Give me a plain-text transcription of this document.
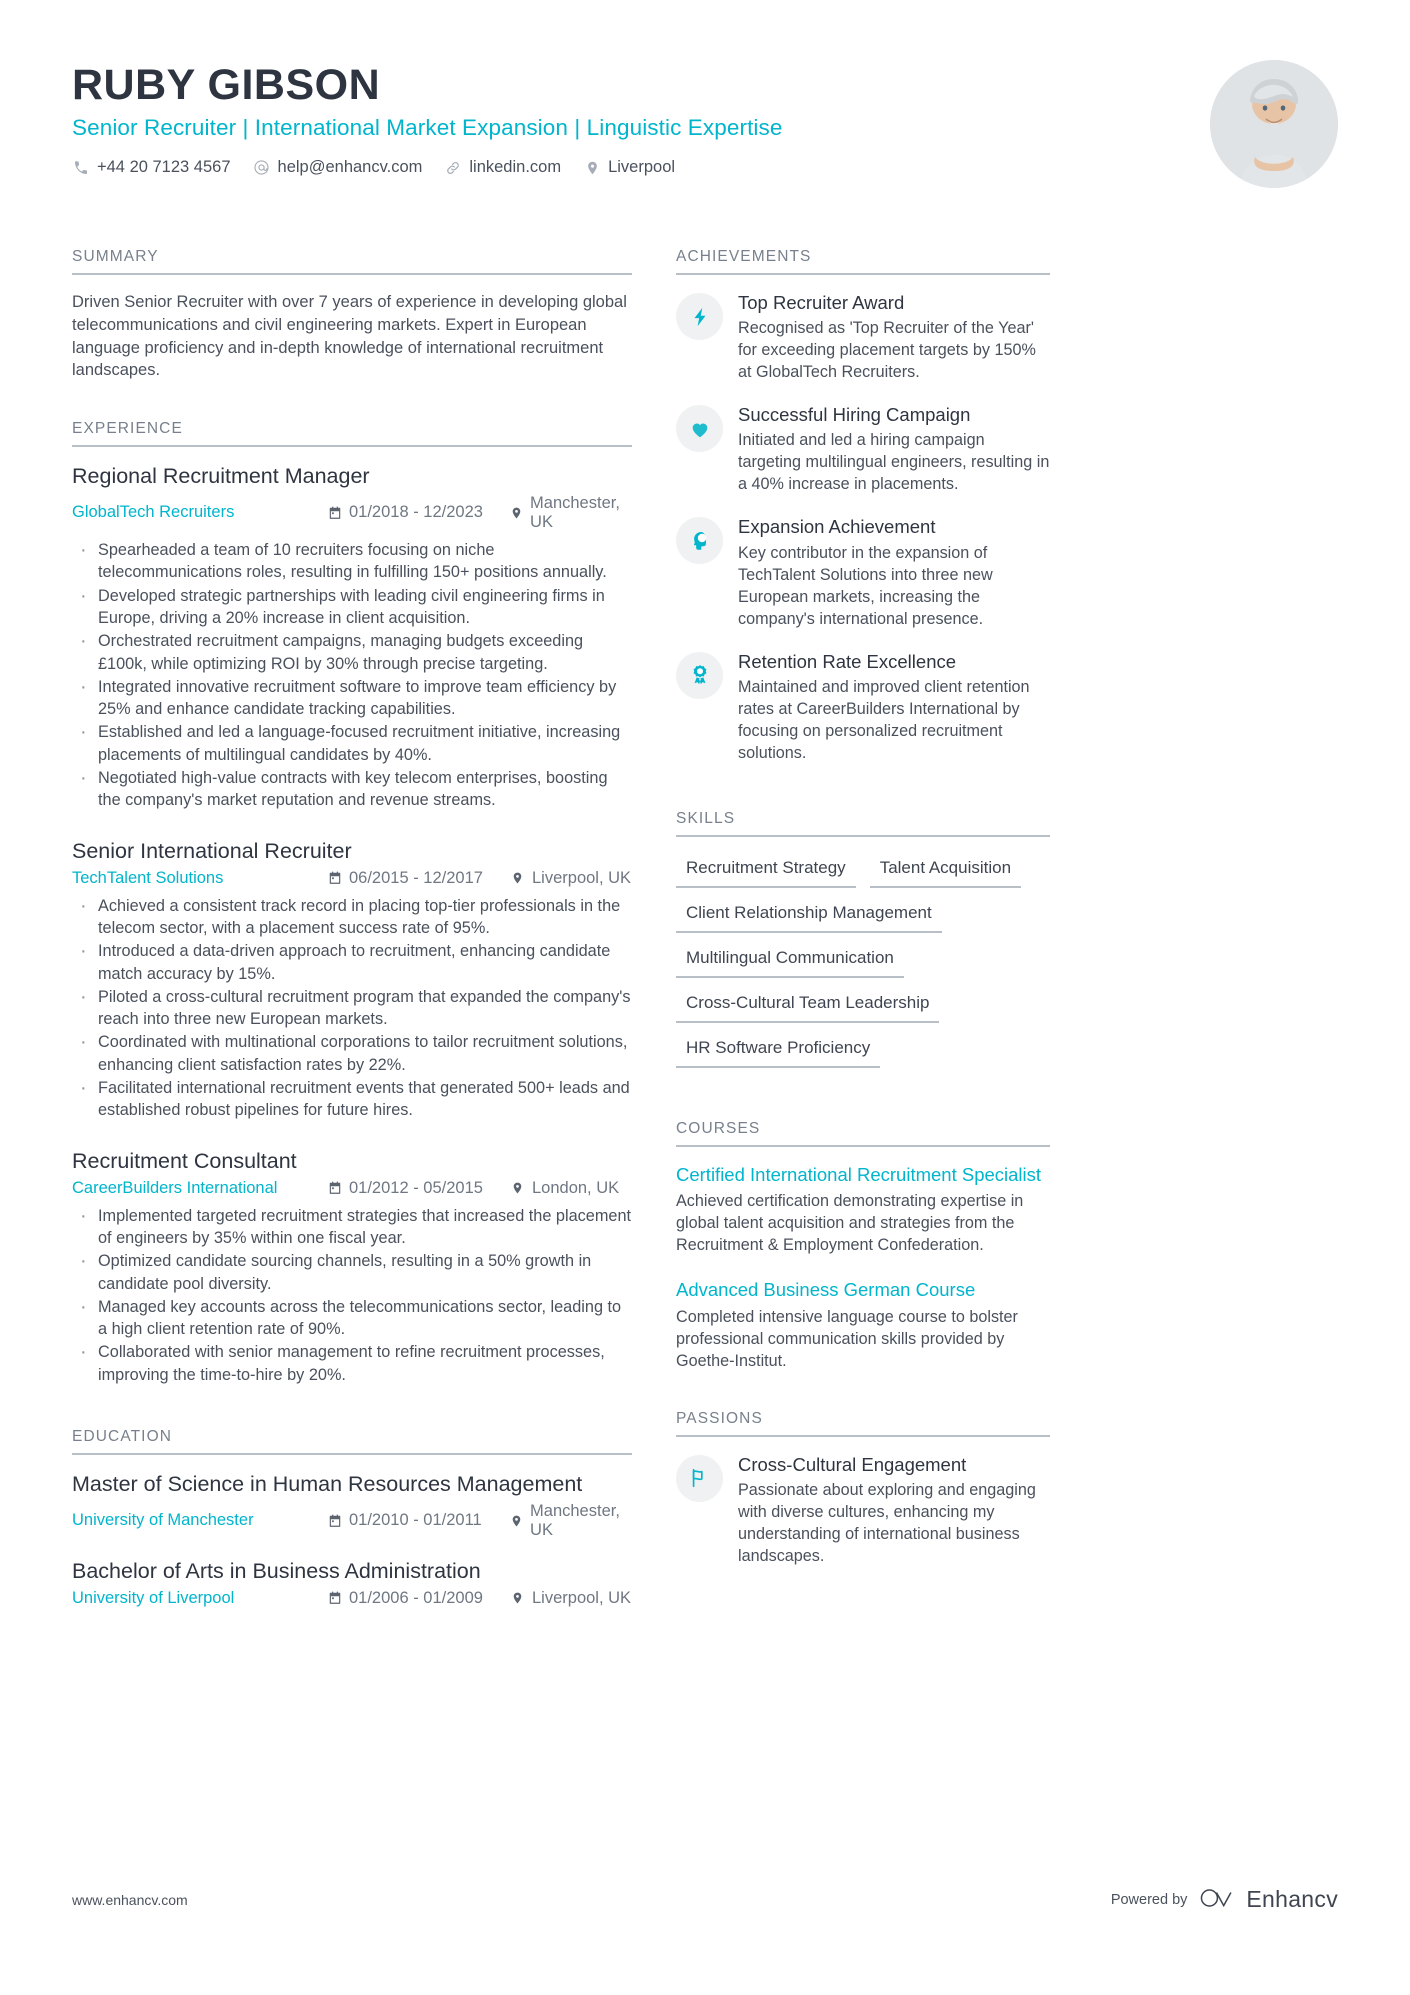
RUBY GIBSON
Senior Recruiter | International Market Expansion | Linguistic Expertise
+44 20 7123 4567	help@enhancv.com	linkedin.com	Liverpool
SUMMARY
Driven Senior Recruiter with over 7 years of experience in developing global telecommunications and civil engineering markets. Expert in European language proficiency and in-depth knowledge of international recruitment landscapes.
EXPERIENCE
Regional Recruitment Manager
GlobalTech Recruiters	01/2018 - 12/2023
Manchester, UK
· Spearheaded a team of 10 recruiters focusing on niche telecommunications roles, resulting in fulfilling 150+ positions annually.
· Developed strategic partnerships with leading civil engineering firms in Europe, driving a 20% increase in client acquisition.
· Orchestrated recruitment campaigns, managing budgets exceeding £100k, while optimizing ROI by 30% through precise targeting.
· Integrated innovative recruitment software to improve team efficiency by 25% and enhance candidate tracking capabilities.
· Established and led a language-focused recruitment initiative, increasing placements of multilingual candidates by 40%.
· Negotiated high-value contracts with key telecom enterprises, boosting the company's market reputation and revenue streams.
Senior International Recruiter
TechTalent Solutions	06/2015 - 12/2017	Liverpool, UK
· Achieved a consistent track record in placing top-tier professionals in the telecom sector, with a placement success rate of 95%.
· Introduced a data-driven approach to recruitment, enhancing candidate match accuracy by 15%.
· Piloted a cross-cultural recruitment program that expanded the company's reach into three new European markets.
· Coordinated with multinational corporations to tailor recruitment solutions, enhancing client satisfaction rates by 22%.
· Facilitated international recruitment events that generated 500+ leads and established robust pipelines for future hires.
Recruitment Consultant
CareerBuilders International	01/2012 - 05/2015	London, UK
· Implemented targeted recruitment strategies that increased the placement of engineers by 35% within one fiscal year.
· Optimized candidate sourcing channels, resulting in a 50% growth in candidate pool diversity.
· Managed key accounts across the telecommunications sector, leading to a high client retention rate of 90%.
· Collaborated with senior management to refine recruitment processes, improving the time-to-hire by 20%.
EDUCATION
Master of Science in Human Resources Management
University of Manchester	01/2010 - 01/2011
Manchester, UK
Bachelor of Arts in Business Administration
University of Liverpool	01/2006 - 01/2009	Liverpool, UK
ACHIEVEMENTS
Top Recruiter Award
Recognised as 'Top Recruiter of the Year' for exceeding placement targets by 150% at GlobalTech Recruiters.
Successful Hiring Campaign
Initiated and led a hiring campaign targeting multilingual engineers, resulting in a 40% increase in placements.
Expansion Achievement
Key contributor in the expansion of TechTalent Solutions into three new European markets, increasing the company's international presence.
Retention Rate Excellence
Maintained and improved client retention rates at CareerBuilders International by focusing on personalized recruitment solutions.
SKILLS
Recruitment Strategy	Talent Acquisition
Client Relationship Management
Multilingual Communication
Cross-Cultural Team Leadership
HR Software Proficiency
COURSES
Certified International Recruitment Specialist
Achieved certification demonstrating expertise in global talent acquisition and strategies from the Recruitment & Employment Confederation.
Advanced Business German Course
Completed intensive language course to bolster professional communication skills provided by Goethe-Institut.
PASSIONS
Cross-Cultural Engagement
Passionate about exploring and engaging with diverse cultures, enhancing my understanding of international business landscapes.
www.enhancv.com	Powered by	Enhancv
